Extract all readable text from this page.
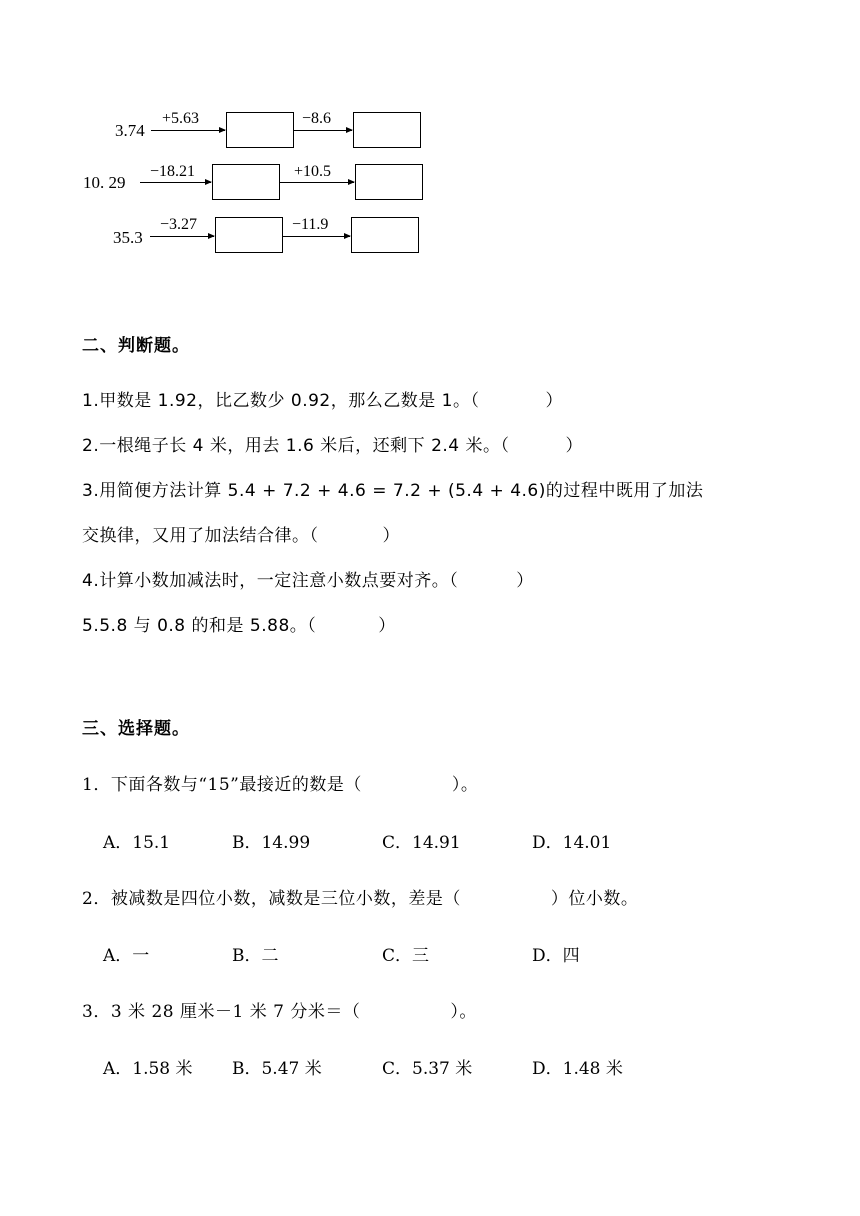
3.74
+5.63	−8.6
10. 29
−18.21	+10.5
35.3
−3.27	−11.9
二、判断题。
1.甲数是 1.92，比乙数少 0.92，那么乙数是 1。（	）
2.一根绳子长 4 米，用去 1.6 米后，还剩下 2.4 米。（	）
3.用简便方法计算 5.4 + 7.2 + 4.6 = 7.2 + (5.4 + 4.6)的过程中既用了加法
交换律，又用了加法结合律。（	）
4.计算小数加减法时，一定注意小数点要对齐。（	）
5.5.8 与 0.8 的和是 5.88。（	）
三、选择题。
1．下面各数与“15”最接近的数是（	）。
A．15.1	B．14.99	C．14.91	D．14.01
2．被减数是四位小数，减数是三位小数，差是（	）位小数。
A．一	B．二	C．三	D．四
3．3 米 28 厘米－1 米 7 分米＝（	）。
A．1.58 米 B．5.47 米	C．5.37 米	D．1.48 米
